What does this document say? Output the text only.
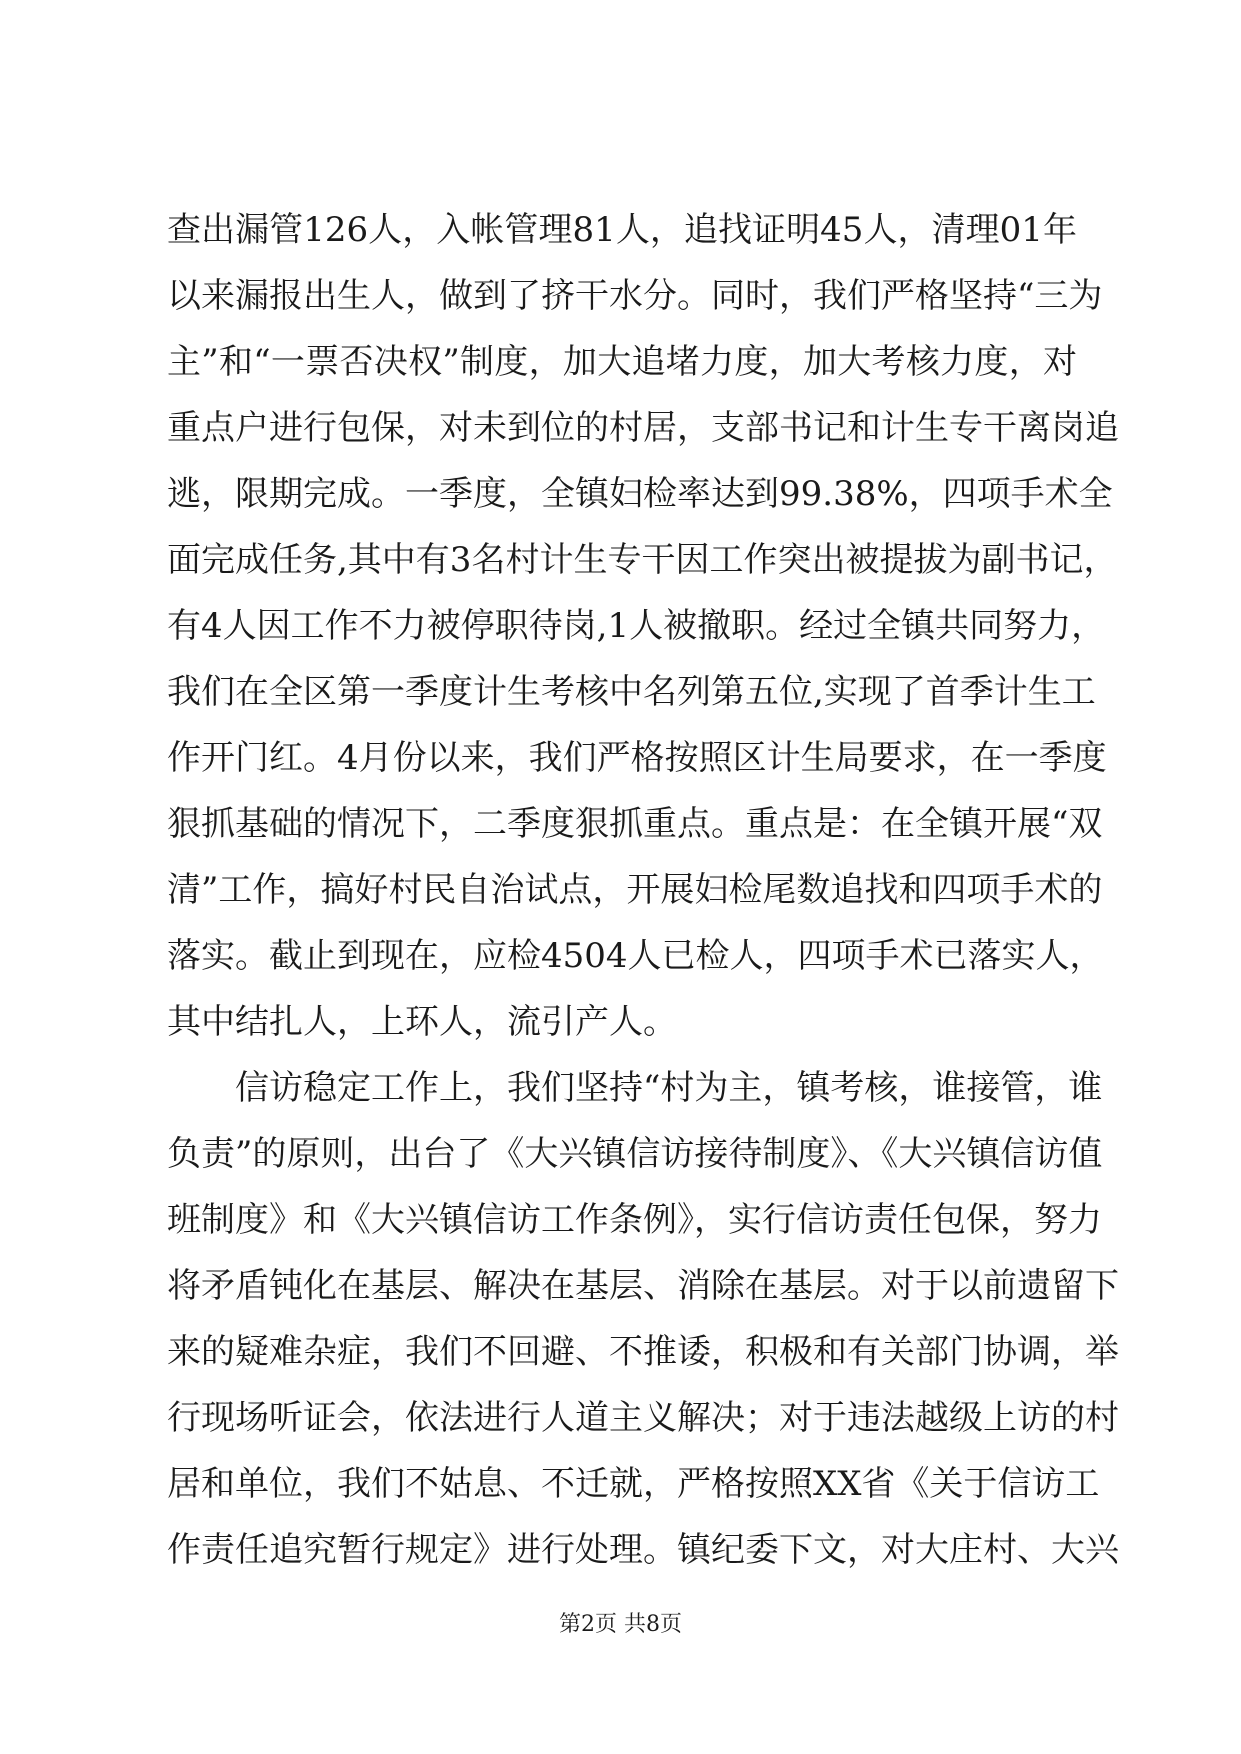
查出漏管126人，入帐管理81人，追找证明45人，清理01年
以来漏报出生人，做到了挤干水分。同时，我们严格坚持“三为
主”和“一票否决权”制度，加大追堵力度，加大考核力度，对
重点户进行包保，对未到位的村居，支部书记和计生专干离岗追
逃，限期完成。一季度，全镇妇检率达到99.38%，四项手术全
面完成任务,其中有3名村计生专干因工作突出被提拔为副书记，
有4人因工作不力被停职待岗,1人被撤职。经过全镇共同努力，
我们在全区第一季度计生考核中名列第五位,实现了首季计生工
作开门红。4月份以来，我们严格按照区计生局要求，在一季度
狠抓基础的情况下，二季度狠抓重点。重点是：在全镇开展“双
清”工作，搞好村民自治试点，开展妇检尾数追找和四项手术的
落实。截止到现在，应检4504人已检人，四项手术已落实人，
其中结扎人，上环人，流引产人。
信访稳定工作上，我们坚持“村为主，镇考核，谁接管，谁
负责”的原则，出台了《大兴镇信访接待制度》、《大兴镇信访值
班制度》和《大兴镇信访工作条例》，实行信访责任包保，努力
将矛盾钝化在基层、解决在基层、消除在基层。对于以前遗留下
来的疑难杂症，我们不回避、不推诿，积极和有关部门协调，举
行现场听证会，依法进行人道主义解决；对于违法越级上访的村
居和单位，我们不姑息、不迁就，严格按照XX省《关于信访工
作责任追究暂行规定》进行处理。镇纪委下文，对大庄村、大兴
第2页 共8页
